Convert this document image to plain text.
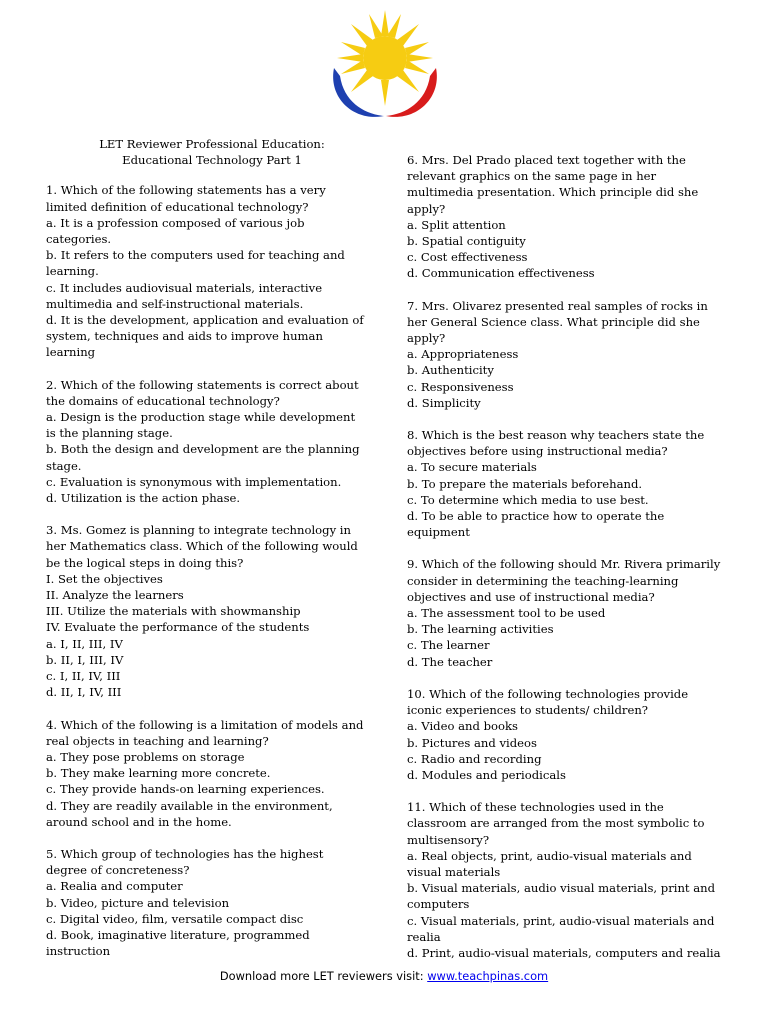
Tiyak Pasa
LET Reviewer Professional Education:
Educational Technology Part 1
1. Which of the following statements has a very limited definition of educational technology?
a. It is a profession composed of various job categories.
b. It refers to the computers used for teaching and learning.
c. It includes audiovisual materials, interactive multimedia and self-instructional materials.
d. It is the development, application and evaluation of system, techniques and aids to improve human learning
2. Which of the following statements is correct about the domains of educational technology?
a. Design is the production stage while development is the planning stage.
b. Both the design and development are the planning stage.
c. Evaluation is synonymous with implementation.
d. Utilization is the action phase.
3. Ms. Gomez is planning to integrate technology in her Mathematics class. Which of the following would be the logical steps in doing this?
I. Set the objectives
II. Analyze the learners
III. Utilize the materials with showmanship
IV. Evaluate the performance of the students
a. I, II, III, IV
b. II, I, III, IV
c. I, II, IV, III
d. II, I, IV, III
4. Which of the following is a limitation of models and real objects in teaching and learning?
a. They pose problems on storage
b. They make learning more concrete.
c. They provide hands-on learning experiences.
d. They are readily available in the environment, around school and in the home.
5. Which group of technologies has the highest degree of concreteness?
a. Realia and computer
b. Video, picture and television
c. Digital video, film, versatile compact disc
d. Book, imaginative literature, programmed instruction
6. Mrs. Del Prado placed text together with the relevant graphics on the same page in her multimedia presentation. Which principle did she apply?
a. Split attention
b. Spatial contiguity
c. Cost effectiveness
d. Communication effectiveness
7. Mrs. Olivarez presented real samples of rocks in her General Science class. What principle did she apply?
a. Appropriateness
b. Authenticity
c. Responsiveness
d. Simplicity
8. Which is the best reason why teachers state the objectives before using instructional media?
a. To secure materials
b. To prepare the materials beforehand.
c. To determine which media to use best.
d. To be able to practice how to operate the equipment
9. Which of the following should Mr. Rivera primarily consider in determining the teaching-learning objectives and use of instructional media?
a. The assessment tool to be used
b. The learning activities
c. The learner
d. The teacher
10. Which of the following technologies provide iconic experiences to students/ children?
a. Video and books
b. Pictures and videos
c. Radio and recording
d. Modules and periodicals
11. Which of these technologies used in the classroom are arranged from the most symbolic to multisensory?
a. Real objects, print, audio-visual materials and visual materials
b. Visual materials, audio visual materials, print and computers
c. Visual materials, print, audio-visual materials and realia
d. Print, audio-visual materials, computers and realia
Download more LET reviewers visit: www.teachpinas.com
